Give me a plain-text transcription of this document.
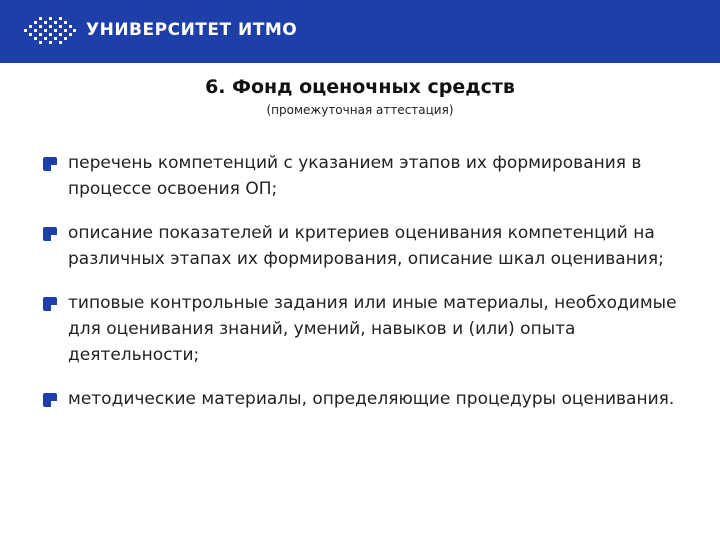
УНИВЕРСИТЕТ ИТМО
6. Фонд оценочных средств
(промежуточная аттестация)
перечень компетенций с указанием этапов их формирования в процессе освоения ОП;
описание показателей и критериев оценивания компетенций на различных этапах их формирования, описание шкал оценивания;
типовые контрольные задания или иные материалы, необходимые для оценивания знаний, умений, навыков и (или) опыта деятельности;
методические материалы, определяющие процедуры оценивания.
